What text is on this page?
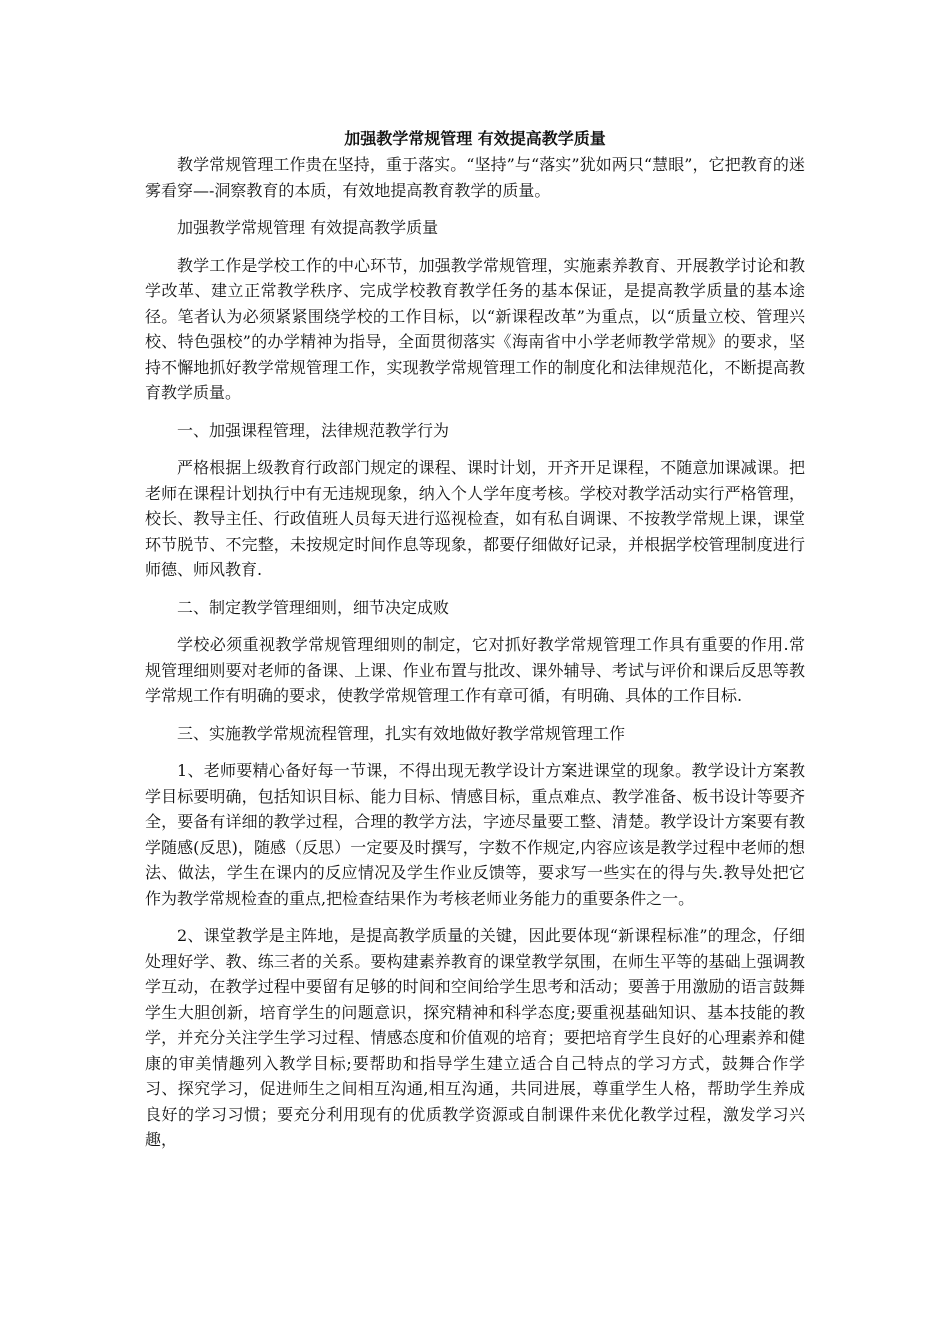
加强教学常规管理 有效提高教学质量

教学常规管理工作贵在坚持，重于落实。“坚持”与“落实”犹如两只“慧眼”，它把教育的迷雾看穿—-洞察教育的本质，有效地提高教育教学的质量。

加强教学常规管理 有效提高教学质量

教学工作是学校工作的中心环节，加强教学常规管理，实施素养教育、开展教学讨论和教学改革、建立正常教学秩序、完成学校教育教学任务的基本保证，是提高教学质量的基本途径。笔者认为必须紧紧围绕学校的工作目标，以“新课程改革”为重点，以“质量立校、管理兴校、特色强校”的办学精神为指导，全面贯彻落实《海南省中小学老师教学常规》的要求，坚持不懈地抓好教学常规管理工作，实现教学常规管理工作的制度化和法律规范化，不断提高教育教学质量。

一、加强课程管理，法律规范教学行为

严格根据上级教育行政部门规定的课程、课时计划，开齐开足课程，不随意加课减课。把老师在课程计划执行中有无违规现象，纳入个人学年度考核。学校对教学活动实行严格管理，校长、教导主任、行政值班人员每天进行巡视检查，如有私自调课、不按教学常规上课，课堂环节脱节、不完整，未按规定时间作息等现象，都要仔细做好记录，并根据学校管理制度进行师德、师风教育.

二、制定教学管理细则，细节决定成败

学校必须重视教学常规管理细则的制定，它对抓好教学常规管理工作具有重要的作用.常规管理细则要对老师的备课、上课、作业布置与批改、课外辅导、考试与评价和课后反思等教学常规工作有明确的要求，使教学常规管理工作有章可循，有明确、具体的工作目标.

三、实施教学常规流程管理，扎实有效地做好教学常规管理工作

1、老师要精心备好每一节课，不得出现无教学设计方案进课堂的现象。教学设计方案教学目标要明确，包括知识目标、能力目标、情感目标，重点难点、教学准备、板书设计等要齐全，要备有详细的教学过程，合理的教学方法，字迹尽量要工整、清楚。教学设计方案要有教学随感(反思)，随感（反思）一定要及时撰写，字数不作规定,内容应该是教学过程中老师的想法、做法，学生在课内的反应情况及学生作业反馈等，要求写一些实在的得与失.教导处把它作为教学常规检查的重点,把检查结果作为考核老师业务能力的重要条件之一。

2、课堂教学是主阵地，是提高教学质量的关键，因此要体现“新课程标准”的理念，仔细处理好学、教、练三者的关系。要构建素养教育的课堂教学氛围，在师生平等的基础上强调教学互动，在教学过程中要留有足够的时间和空间给学生思考和活动；要善于用激励的语言鼓舞学生大胆创新，培育学生的问题意识，探究精神和科学态度;要重视基础知识、基本技能的教学，并充分关注学生学习过程、情感态度和价值观的培育；要把培育学生良好的心理素养和健康的审美情趣列入教学目标;要帮助和指导学生建立适合自己特点的学习方式，鼓舞合作学习、探究学习，促进师生之间相互沟通,相互沟通，共同进展，尊重学生人格，帮助学生养成良好的学习习惯；要充分利用现有的优质教学资源或自制课件来优化教学过程，激发学习兴趣，
